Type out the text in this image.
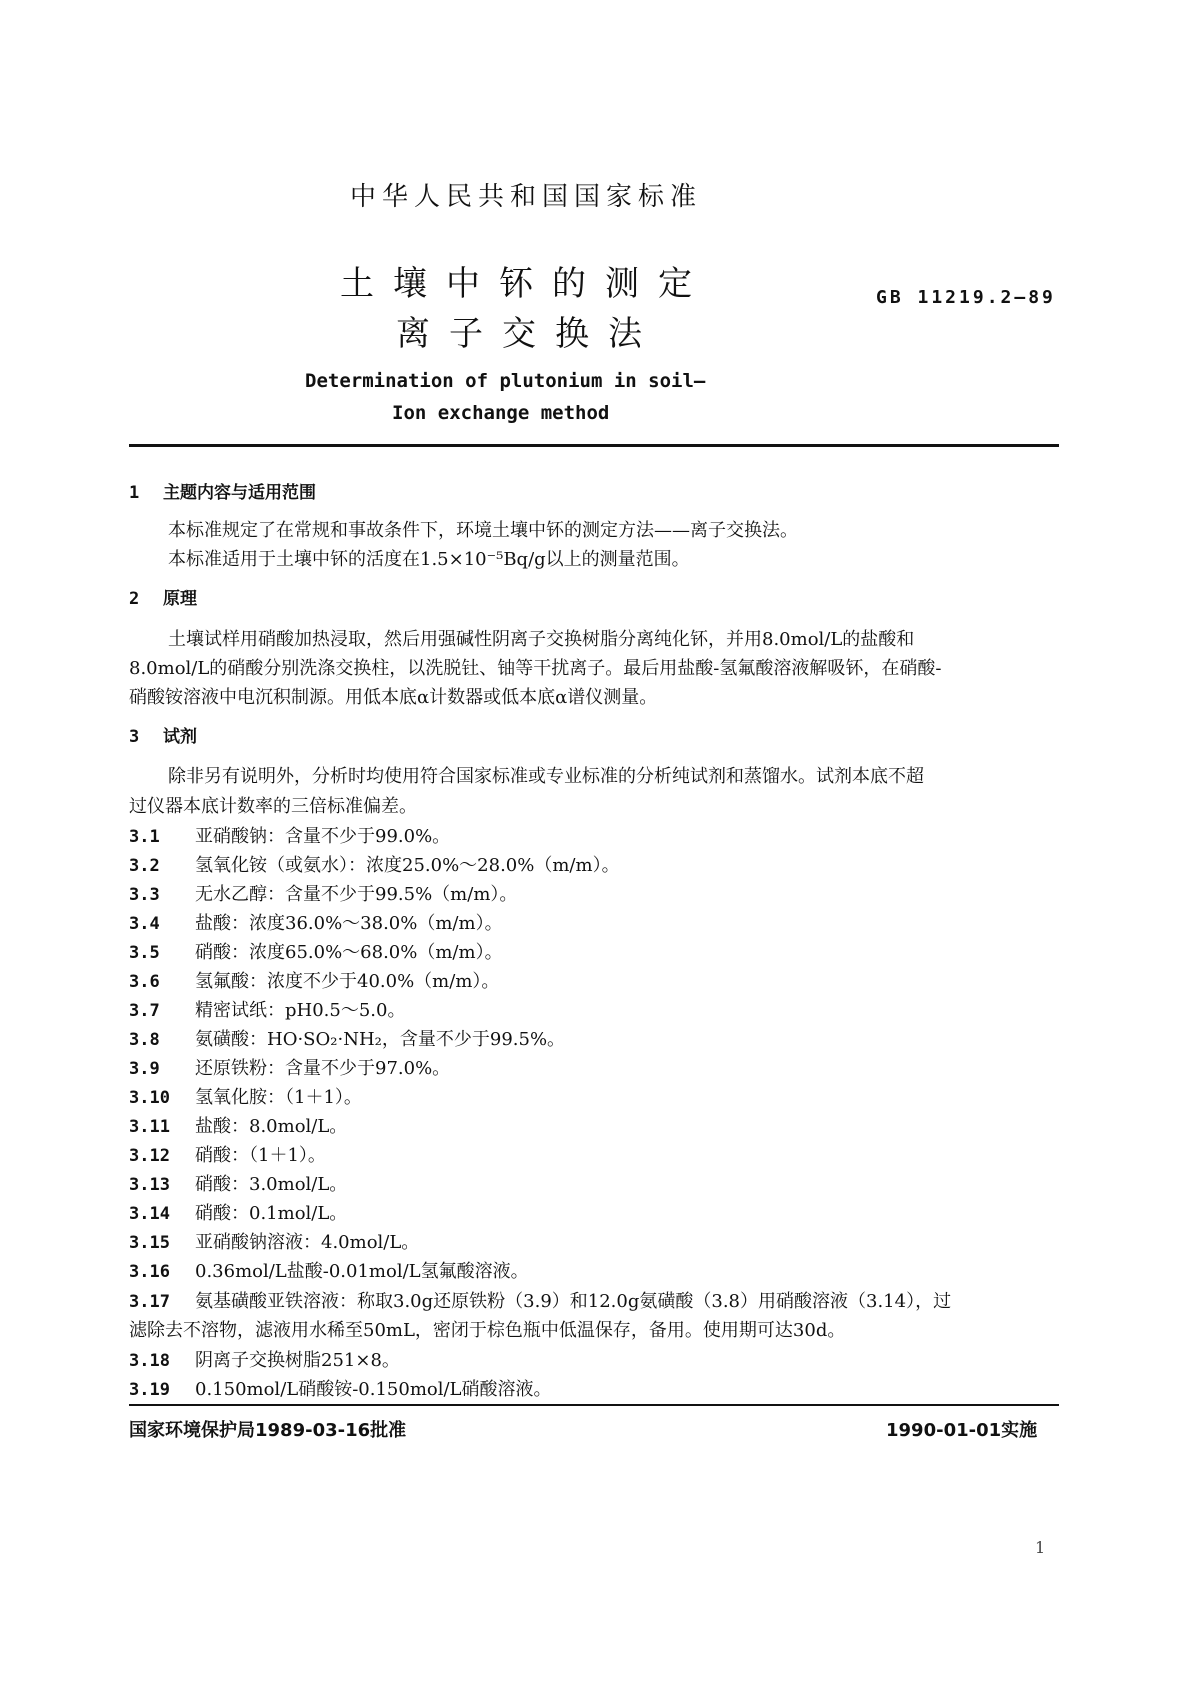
中华人民共和国国家标准
土壤中钚的测定
离子交换法
GB 11219.2—89
Determination of plutonium in soil—
Ion exchange method
1 主题内容与适用范围
本标准规定了在常规和事故条件下，环境土壤中钚的测定方法——离子交换法。
本标准适用于土壤中钚的活度在1.5×10⁻⁵Bq/g以上的测量范围。
2 原理
土壤试样用硝酸加热浸取，然后用强碱性阴离子交换树脂分离纯化钚，并用8.0mol/L的盐酸和
8.0mol/L的硝酸分别洗涤交换柱，以洗脱钍、铀等干扰离子。最后用盐酸-氢氟酸溶液解吸钚，在硝酸-
硝酸铵溶液中电沉积制源。用低本底α计数器或低本底α谱仪测量。
3 试剂
除非另有说明外，分析时均使用符合国家标准或专业标准的分析纯试剂和蒸馏水。试剂本底不超
过仪器本底计数率的三倍标准偏差。
3.1 亚硝酸钠：含量不少于99.0%。
3.2 氢氧化铵（或氨水）：浓度25.0%～28.0%（m/m）。
3.3 无水乙醇：含量不少于99.5%（m/m）。
3.4 盐酸：浓度36.0%～38.0%（m/m）。
3.5 硝酸：浓度65.0%～68.0%（m/m）。
3.6 氢氟酸：浓度不少于40.0%（m/m）。
3.7 精密试纸：pH0.5～5.0。
3.8 氨磺酸：HO·SO₂·NH₂，含量不少于99.5%。
3.9 还原铁粉：含量不少于97.0%。
3.10 氢氧化胺：（1＋1）。
3.11 盐酸：8.0mol/L。
3.12 硝酸：（1＋1）。
3.13 硝酸：3.0mol/L。
3.14 硝酸：0.1mol/L。
3.15 亚硝酸钠溶液：4.0mol/L。
3.16 0.36mol/L盐酸-0.01mol/L氢氟酸溶液。
3.17 氨基磺酸亚铁溶液：称取3.0g还原铁粉（3.9）和12.0g氨磺酸（3.8）用硝酸溶液（3.14），过
滤除去不溶物，滤液用水稀至50mL，密闭于棕色瓶中低温保存，备用。使用期可达30d。
3.18 阴离子交换树脂251×8。
3.19 0.150mol/L硝酸铵-0.150mol/L硝酸溶液。
国家环境保护局1989-03-16批准	1990-01-01实施
1
